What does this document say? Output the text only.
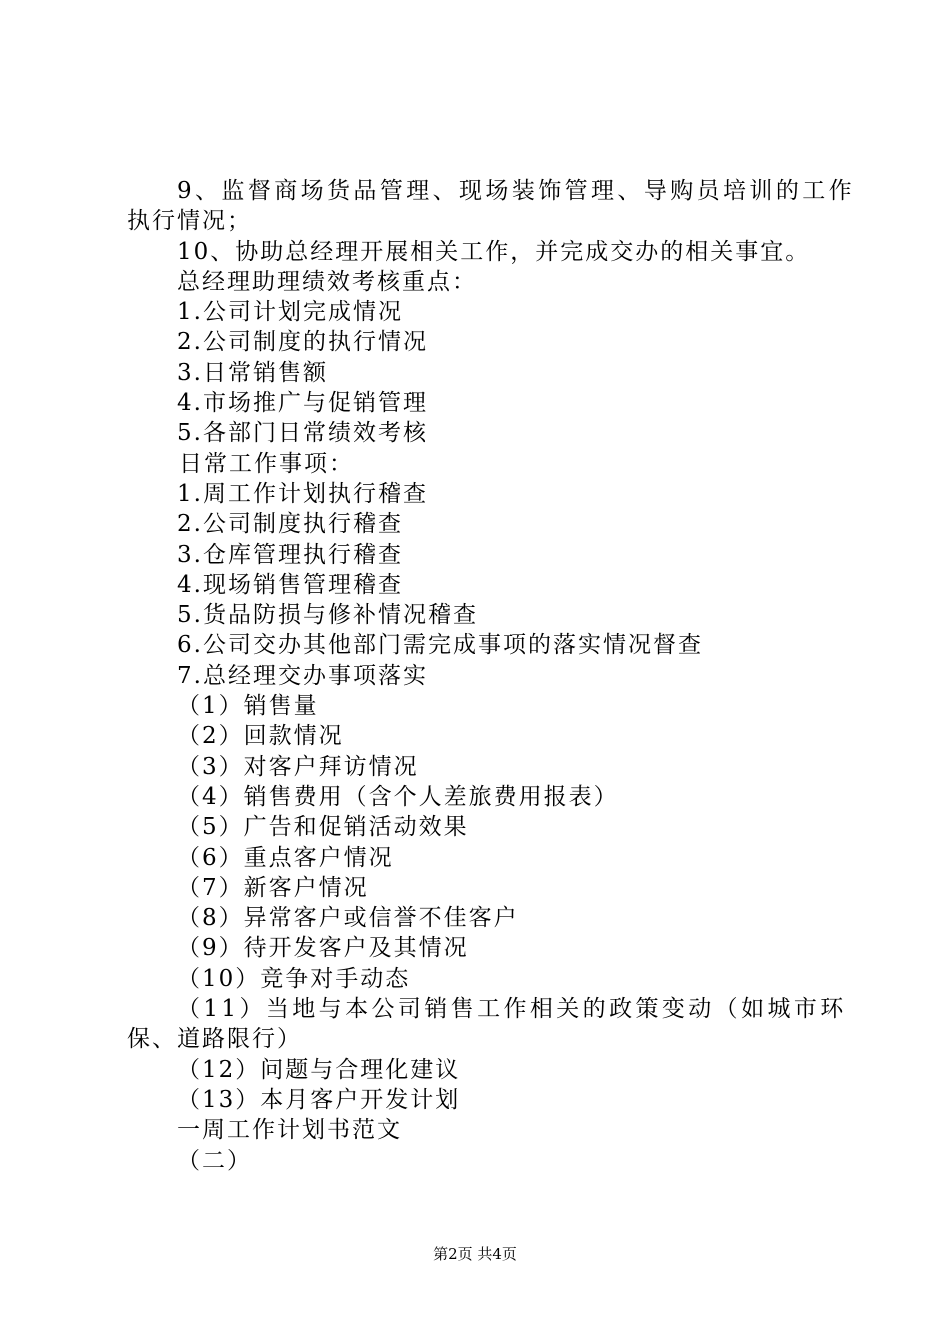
9、监督商场货品管理、现场装饰管理、导购员培训的工作
执行情况；
10、协助总经理开展相关工作，并完成交办的相关事宜。
总经理助理绩效考核重点：
1.公司计划完成情况
2.公司制度的执行情况
3.日常销售额
4.市场推广与促销管理
5.各部门日常绩效考核
日常工作事项：
1.周工作计划执行稽查
2.公司制度执行稽查
3.仓库管理执行稽查
4.现场销售管理稽查
5.货品防损与修补情况稽查
6.公司交办其他部门需完成事项的落实情况督查
7.总经理交办事项落实
（1）销售量
（2）回款情况
（3）对客户拜访情况
（4）销售费用（含个人差旅费用报表）
（5）广告和促销活动效果
（6）重点客户情况
（7）新客户情况
（8）异常客户或信誉不佳客户
（9）待开发客户及其情况
（10）竞争对手动态
（11）当地与本公司销售工作相关的政策变动（如城市环
保、道路限行）
（12）问题与合理化建议
（13）本月客户开发计划
一周工作计划书范文
（二）
第2页 共4页
